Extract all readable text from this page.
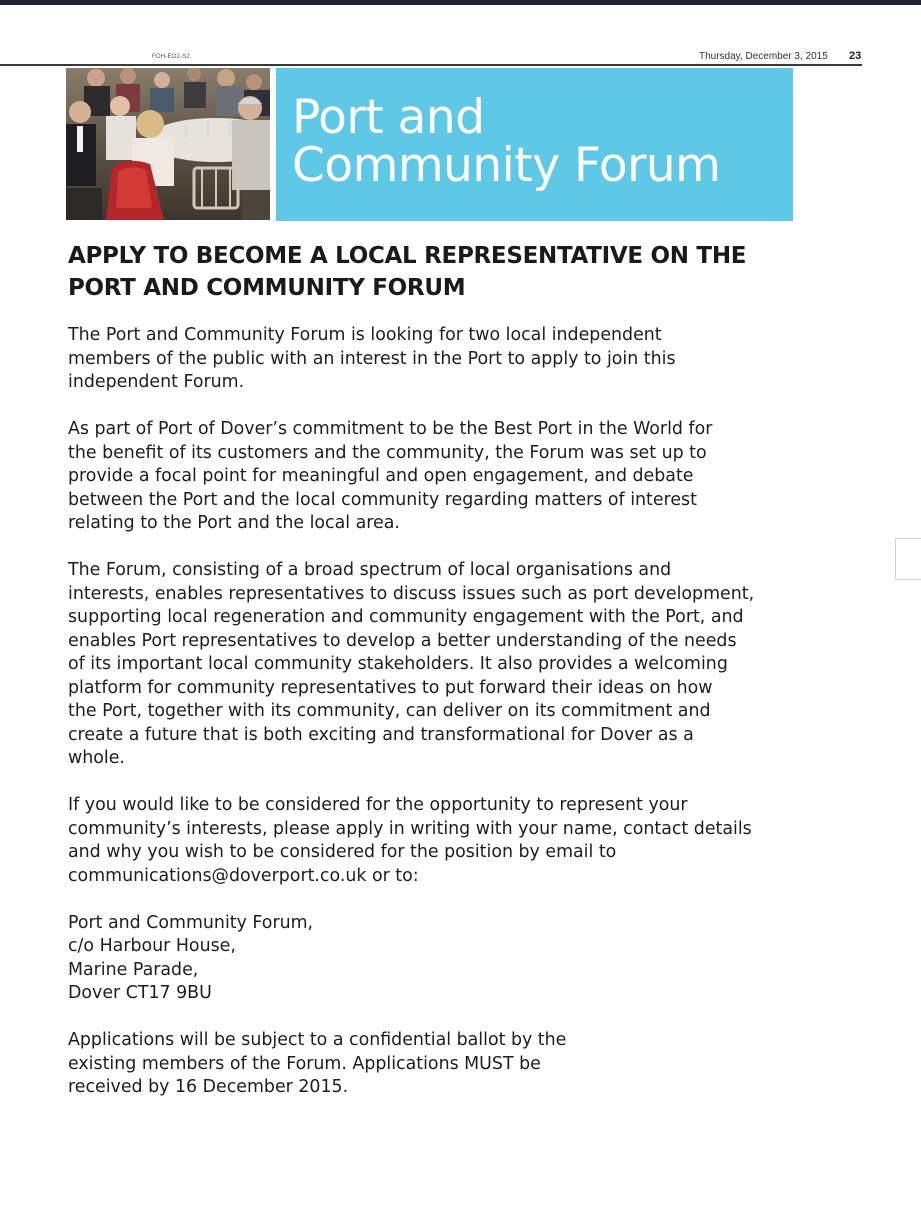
FOH-EO2-S2	Thursday, December 3, 2015 23
Port and
Community Forum
APPLY TO BECOME A LOCAL REPRESENTATIVE ON THE
PORT AND COMMUNITY FORUM

The Port and Community Forum is looking for two local independent
members of the public with an interest in the Port to apply to join this
independent Forum.

As part of Port of Dover’s commitment to be the Best Port in the World for
the benefit of its customers and the community, the Forum was set up to
provide a focal point for meaningful and open engagement, and debate
between the Port and the local community regarding matters of interest
relating to the Port and the local area.

The Forum, consisting of a broad spectrum of local organisations and
interests, enables representatives to discuss issues such as port development,
supporting local regeneration and community engagement with the Port, and
enables Port representatives to develop a better understanding of the needs
of its important local community stakeholders. It also provides a welcoming
platform for community representatives to put forward their ideas on how
the Port, together with its community, can deliver on its commitment and
create a future that is both exciting and transformational for Dover as a
whole.

If you would like to be considered for the opportunity to represent your
community’s interests, please apply in writing with your name, contact details
and why you wish to be considered for the position by email to
communications@doverport.co.uk or to:

Port and Community Forum,
c/o Harbour House,
Marine Parade,
Dover CT17 9BU

Applications will be subject to a confidential ballot by the
existing members of the Forum. Applications MUST be
received by 16 December 2015.
